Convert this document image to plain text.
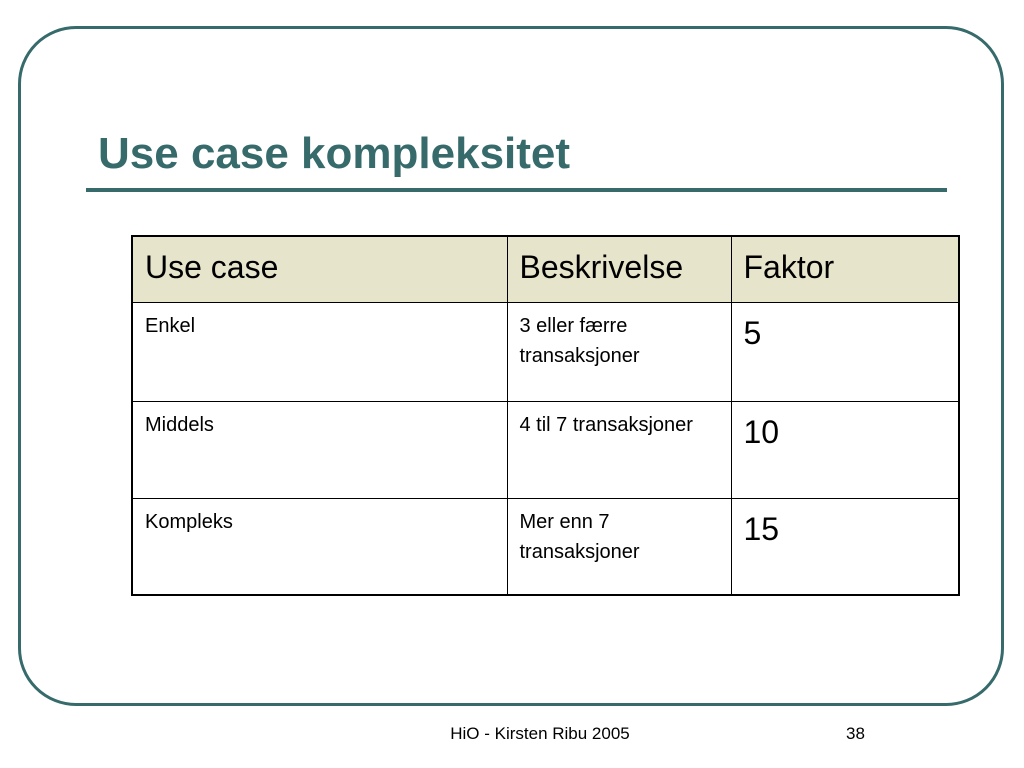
Use case kompleksitet
Use case	Beskrivelse	Faktor
Enkel	3 eller færre transaksjoner	5
Middels	4 til 7 transaksjoner	10
Kompleks	Mer enn 7 transaksjoner	15
HiO - Kirsten Ribu 2005	38
